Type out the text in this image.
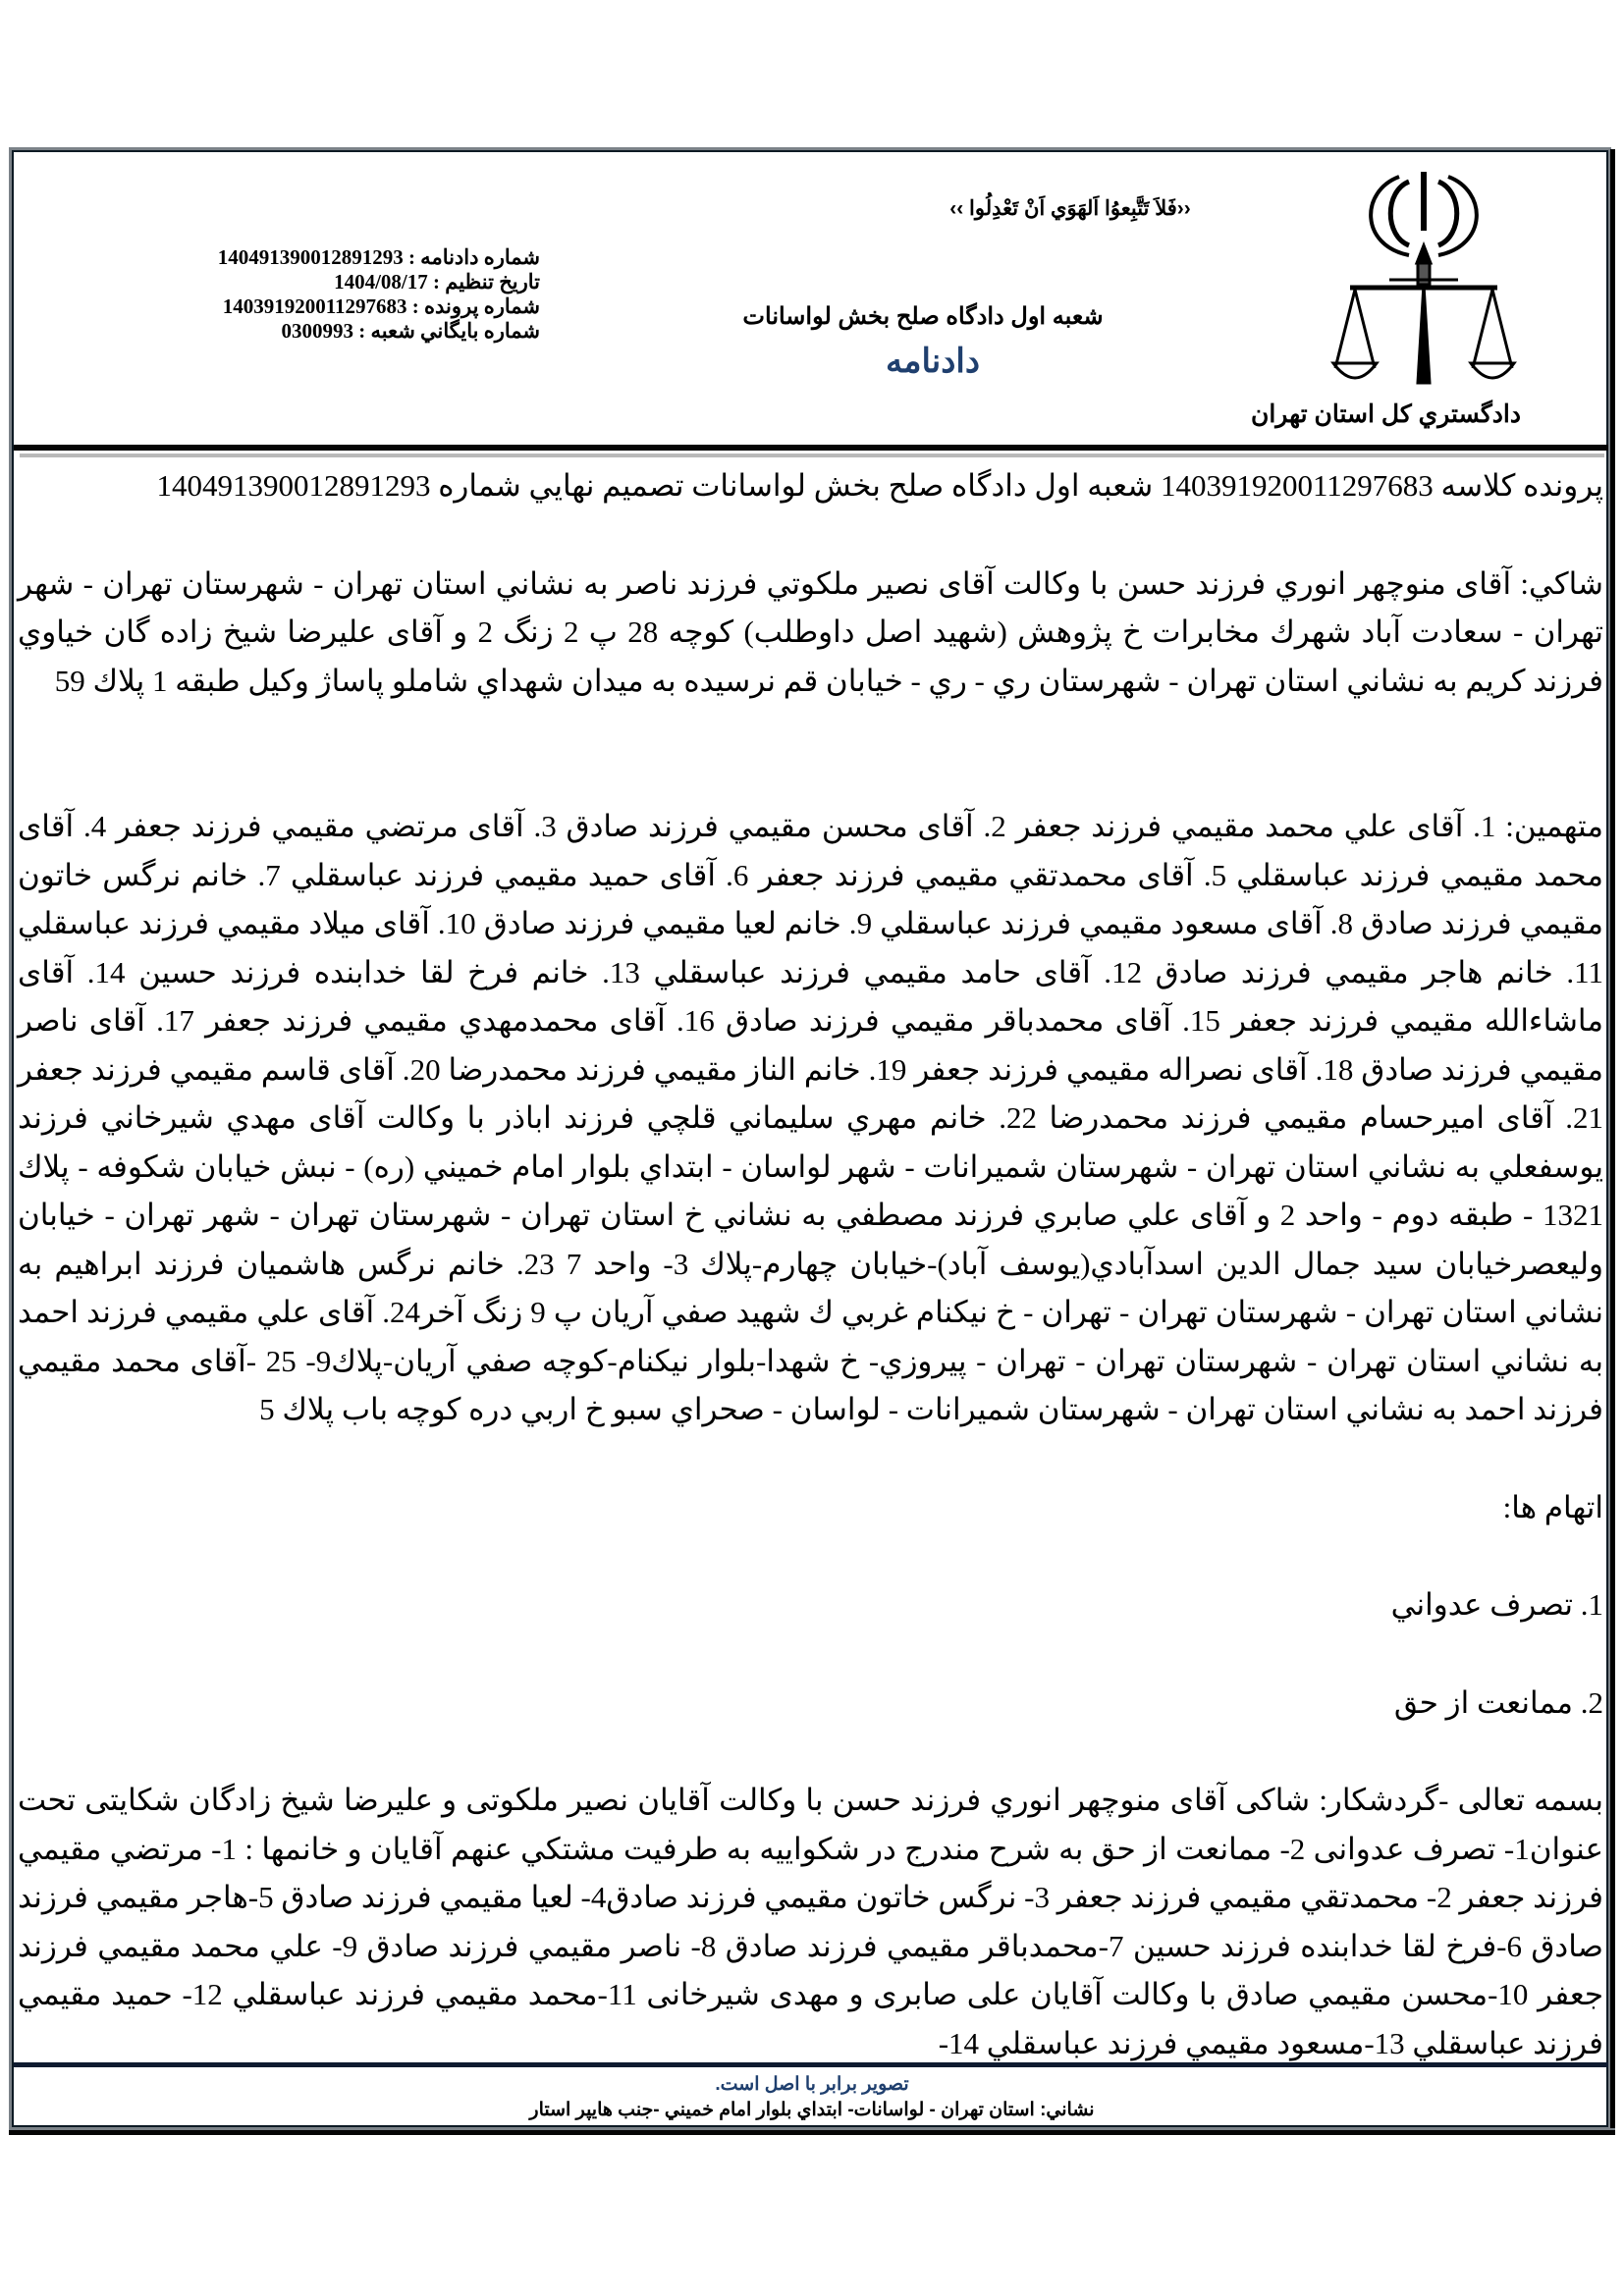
دادگستري كل استان تهران
‹‹فَلاَ تَتَّبِعوُا اَلهَوَي اَنْ تَعْدِلُوا ››
شعبه اول دادگاه صلح بخش لواسانات
دادنامه
شماره دادنامه : 140491390012891293
تاريخ تنظيم : 1404/08/17
شماره پرونده : 140391920011297683
شماره بايگاني شعبه : 0300993

پرونده كلاسه 140391920011297683 شعبه اول دادگاه صلح بخش لواسانات تصميم نهايي شماره 140491390012891293

شاكي: آقای منوچهر انوري فرزند حسن با وكالت آقای نصير ملكوتي فرزند ناصر به نشاني استان تهران - شهرستان تهران - شهر تهران - سعادت آباد شهرك مخابرات خ پژوهش (شهيد اصل داوطلب) كوچه 28 پ 2 زنگ 2 و آقای عليرضا شيخ زاده گان خياوي فرزند كريم به نشاني استان تهران - شهرستان ري - ري - خيابان قم نرسيده به ميدان شهداي شاملو پاساژ وكيل طبقه 1 پلاك 59

متهمين: 1. آقای علي محمد مقيمي فرزند جعفر 2. آقای محسن مقيمي فرزند صادق 3. آقای مرتضي مقيمي فرزند جعفر 4. آقای محمد مقيمي فرزند عباسقلي 5. آقای محمدتقي مقيمي فرزند جعفر 6. آقای حميد مقيمي فرزند عباسقلي 7. خانم نرگس خاتون مقيمي فرزند صادق 8. آقای مسعود مقيمي فرزند عباسقلي 9. خانم لعيا مقيمي فرزند صادق 10. آقای ميلاد مقيمي فرزند عباسقلي 11. خانم هاجر مقيمي فرزند صادق 12. آقای حامد مقيمي فرزند عباسقلي 13. خانم فرخ لقا خدابنده فرزند حسين 14. آقای ماشاءالله مقيمي فرزند جعفر 15. آقای محمدباقر مقيمي فرزند صادق 16. آقای محمدمهدي مقيمي فرزند جعفر 17. آقای ناصر مقيمي فرزند صادق 18. آقای نصراله مقيمي فرزند جعفر 19. خانم الناز مقيمي فرزند محمدرضا 20. آقای قاسم مقيمي فرزند جعفر 21. آقای اميرحسام مقيمي فرزند محمدرضا 22. خانم مهري سليماني قلچي فرزند اباذر با وكالت آقای مهدي شيرخاني فرزند يوسفعلي به نشاني استان تهران - شهرستان شميرانات - شهر لواسان - ابتداي بلوار امام خميني (ره) - نبش خيابان شكوفه - پلاك 1321 - طبقه دوم - واحد 2 و آقای علي صابري فرزند مصطفي به نشاني خ استان تهران - شهرستان تهران - شهر تهران - خيابان وليعصرخيابان سيد جمال الدين اسدآبادي(يوسف آباد)-خيابان چهارم-پلاك 3- واحد 7 23. خانم نرگس هاشميان فرزند ابراهيم به نشاني استان تهران - شهرستان تهران - تهران - خ نيكنام غربي ك شهيد صفي آريان پ 9 زنگ آخر24. آقای علي مقيمي فرزند احمد به نشاني استان تهران - شهرستان تهران - تهران - پيروزي- خ شهدا-بلوار نيكنام-كوچه صفي آريان-پلاك9- 25 -آقای محمد مقيمي فرزند احمد به نشاني استان تهران - شهرستان شميرانات - لواسان - صحراي سبو خ اربي دره كوچه باب پلاك 5

اتهام ها:

1. تصرف عدواني

2. ممانعت از حق

بسمه تعالی -گردشكار: شاكی آقای منوچهر انوري فرزند حسن با وكالت آقايان نصير ملكوتی و عليرضا شيخ زادگان شكايتی تحت عنوان1- تصرف عدوانی 2- ممانعت از حق به شرح مندرج در شكواييه به طرفيت مشتكي عنهم آقايان و خانمها : 1- مرتضي مقيمي فرزند جعفر 2- محمدتقي مقيمي فرزند جعفر 3- نرگس خاتون مقيمي فرزند صادق4- لعيا مقيمي فرزند صادق 5-هاجر مقيمي فرزند صادق 6-فرخ لقا خدابنده فرزند حسين 7-محمدباقر مقيمي فرزند صادق 8- ناصر مقيمي فرزند صادق 9- علي محمد مقيمي فرزند جعفر 10-محسن مقيمي صادق با وكالت آقايان علی صابری و مهدی شيرخانی 11-محمد مقيمي فرزند عباسقلي 12- حميد مقيمي فرزند عباسقلي 13-مسعود مقيمي فرزند عباسقلي 14-

تصوير برابر با اصل است.
نشاني: استان تهران - لواسانات- ابتداي بلوار امام خميني -جنب هايپر استار
